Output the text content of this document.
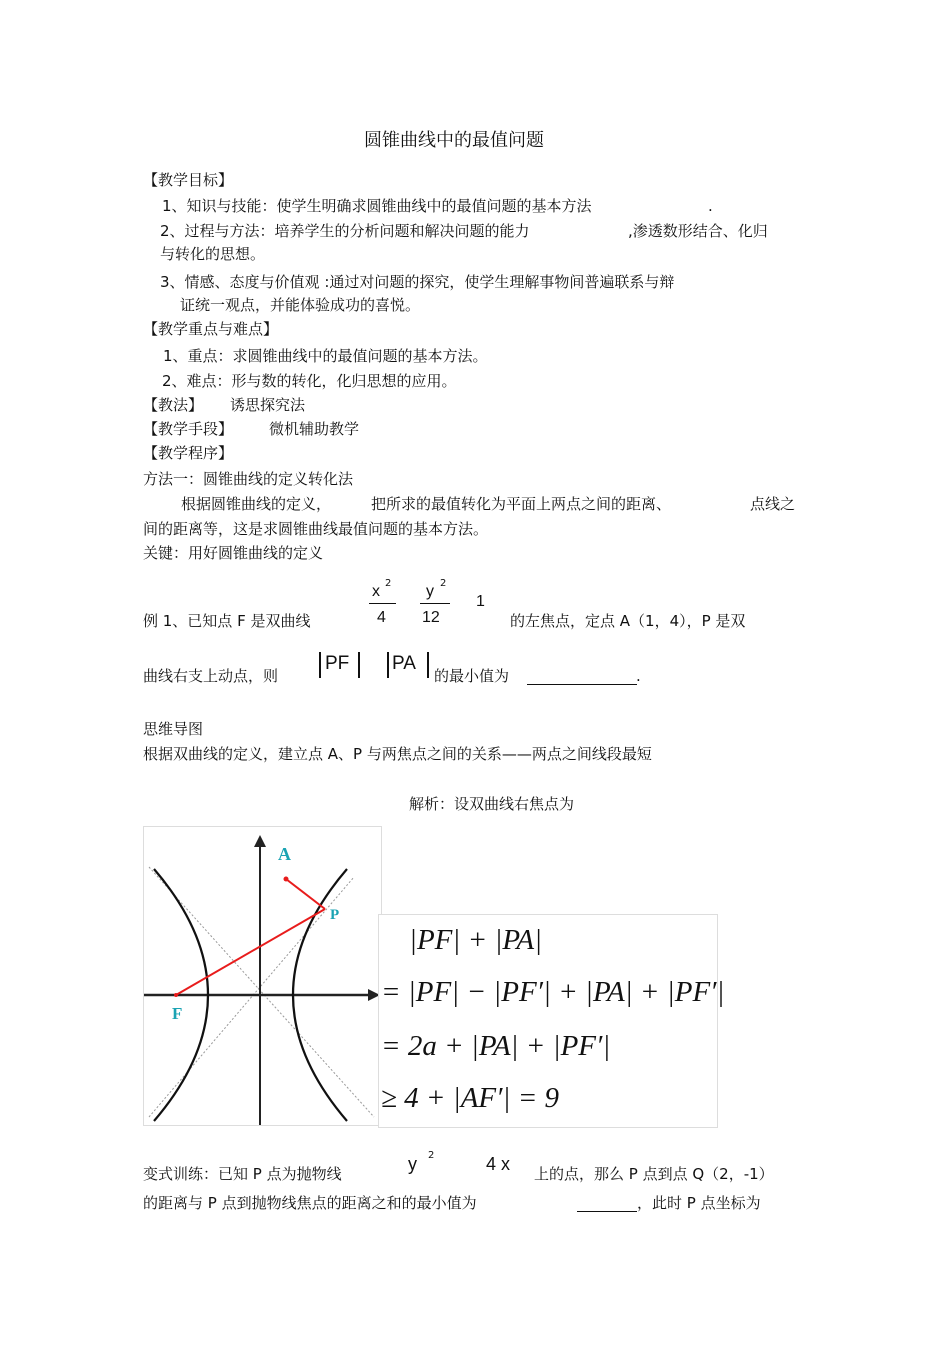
圆锥曲线中的最值问题
【教学目标】
1、知识与技能：使学生明确求圆锥曲线中的最值问题的基本方法	.
2、过程与方法：培养学生的分析问题和解决问题的能力	,渗透数形结合、化归
与转化的思想。
3、情感、态度与价值观 :通过对问题的探究，使学生理解事物间普遍联系与辩
证统一观点，并能体验成功的喜悦。
【教学重点与难点】
1、重点：求圆锥曲线中的最值问题的基本方法。
2、难点：形与数的转化，化归思想的应用。
【教法】 诱思探究法
【教学手段】 微机辅助教学
【教学程序】
方法一：圆锥曲线的定义转化法
根据圆锥曲线的定义，	把所求的最值转化为平面上两点之间的距离、	点线之
间的距离等，这是求圆锥曲线最值问题的基本方法。
关键：用好圆锥曲线的定义
例 1、已知点 F 是双曲线
x 2
4
y 2
12
1
的左焦点，定点 A（1，4），P 是双
曲线右支上动点，则
PF PA
的最小值为	.
思维导图
根据双曲线的定义，建立点 A、P 与两焦点之间的关系——两点之间线段最短
解析：设双曲线右焦点为
A
P
F
|PF| + |PA|
= |PF| − |PF′| + |PA| + |PF′|
= 2a + |PA| + |PF′|
≥ 4 + |AF′| = 9
变式训练：已知 P 点为抛物线	y 2	4 x 上的点，那么 P 点到点 Q（2，-1）
的距离与 P 点到抛物线焦点的距离之和的最小值为	，此时 P 点坐标为
